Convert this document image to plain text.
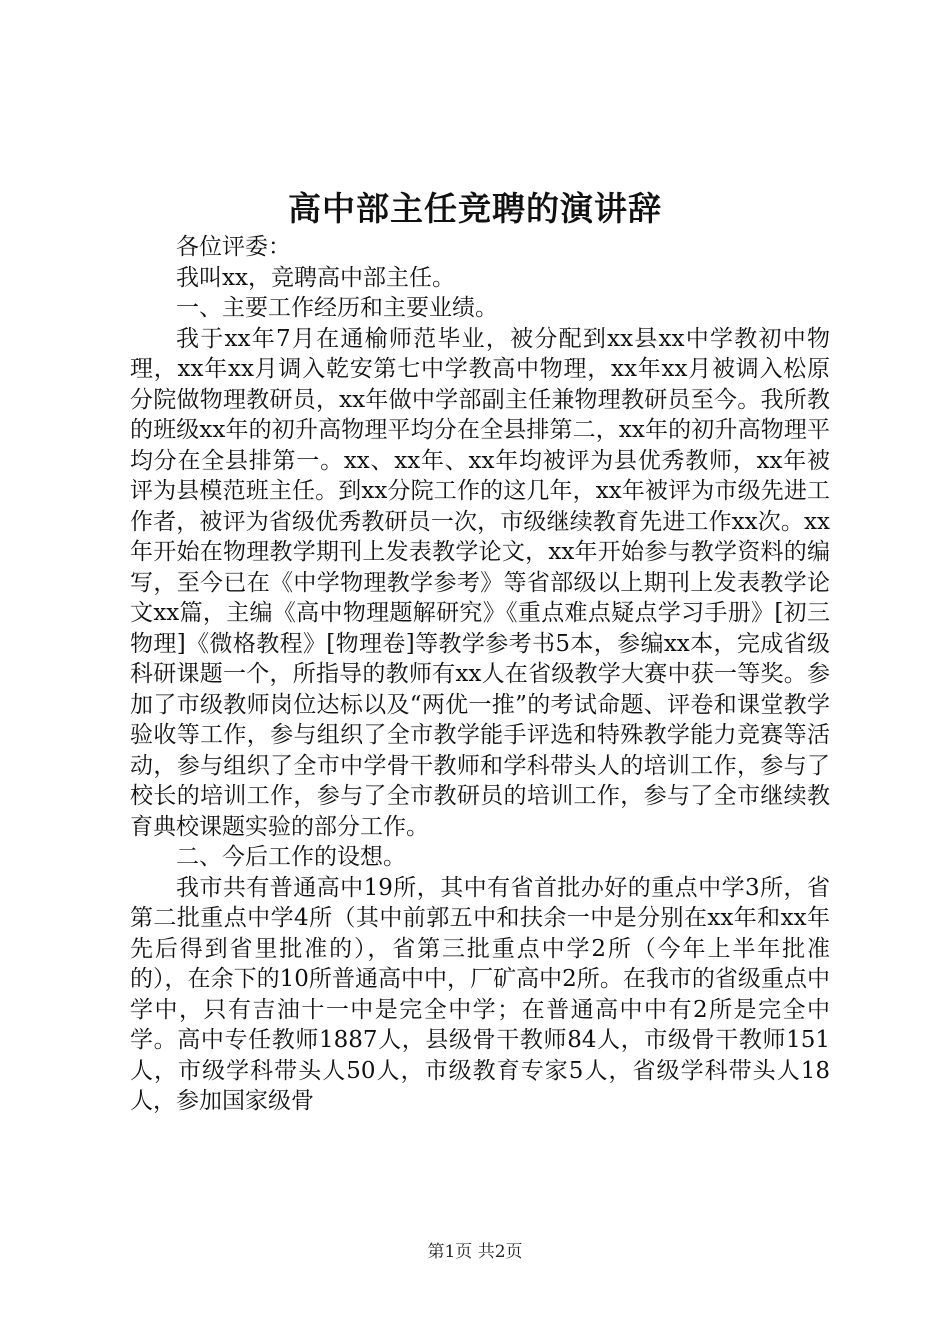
高中部主任竞聘的演讲辞

各位评委：

我叫xx，竞聘高中部主任。

一、主要工作经历和主要业绩。

我于xx年7月在通榆师范毕业，被分配到xx县xx中学教初中物理，xx年xx月调入乾安第七中学教高中物理，xx年xx月被调入松原分院做物理教研员，xx年做中学部副主任兼物理教研员至今。我所教的班级xx年的初升高物理平均分在全县排第二，xx年的初升高物理平均分在全县排第一。xx、xx年、xx年均被评为县优秀教师，xx年被评为县模范班主任。到xx分院工作的这几年，xx年被评为市级先进工作者，被评为省级优秀教研员一次，市级继续教育先进工作xx次。xx年开始在物理教学期刊上发表教学论文，xx年开始参与教学资料的编写，至今已在《中学物理教学参考》等省部级以上期刊上发表教学论文xx篇，主编《高中物理题解研究》《重点难点疑点学习手册》[初三物理]《微格教程》[物理卷]等教学参考书5本，参编xx本，完成省级科研课题一个，所指导的教师有xx人在省级教学大赛中获一等奖。参加了市级教师岗位达标以及“两优一推”的考试命题、评卷和课堂教学验收等工作，参与组织了全市教学能手评选和特殊教学能力竞赛等活动，参与组织了全市中学骨干教师和学科带头人的培训工作，参与了校长的培训工作，参与了全市教研员的培训工作，参与了全市继续教育典校课题实验的部分工作。

二、今后工作的设想。

我市共有普通高中19所，其中有省首批办好的重点中学3所，省第二批重点中学4所（其中前郭五中和扶余一中是分别在xx年和xx年先后得到省里批准的），省第三批重点中学2所（今年上半年批准的），在余下的10所普通高中中，厂矿高中2所。在我市的省级重点中学中，只有吉油十一中是完全中学；在普通高中中有2所是完全中学。高中专任教师1887人，县级骨干教师84人，市级骨干教师151人，市级学科带头人50人，市级教育专家5人，省级学科带头人18人，参加国家级骨

第1页 共2页
